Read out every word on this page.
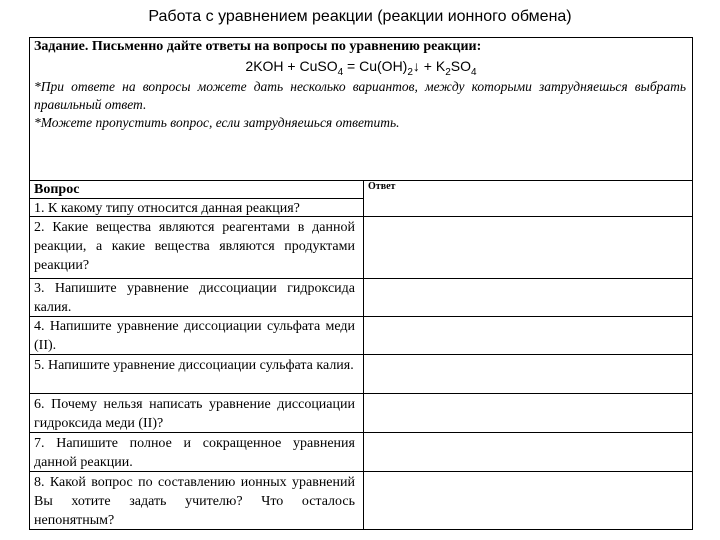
Работа с уравнением реакции (реакции ионного обмена)
Задание. Письменно дайте ответы на вопросы по уравнению реакции:
2KOH + CuSO$_4$ = $Cu(OH)_2↓ + K_2SO_4$
*При ответе на вопросы можете дать несколько вариантов, между которыми затрудняешься выбрать правильный ответ.
*Можете пропустить вопрос, если затрудняешься ответить.
Вопрос	Ответ
1. К какому типу относится данная реакция?
2. Какие вещества являются реагентами в данной реакции, а какие вещества являются продуктами реакции?
3. Напишите уравнение диссоциации гидроксида калия.
4. Напишите уравнение диссоциации сульфата меди (II).
5. Напишите уравнение диссоциации сульфата калия.
6. Почему нельзя написать уравнение диссоциации гидроксида меди (II)?
7. Напишите полное и сокращенное уравнения данной реакции.
8. Какой вопрос по составлению ионных уравнений Вы хотите задать учителю? Что осталось непонятным?
